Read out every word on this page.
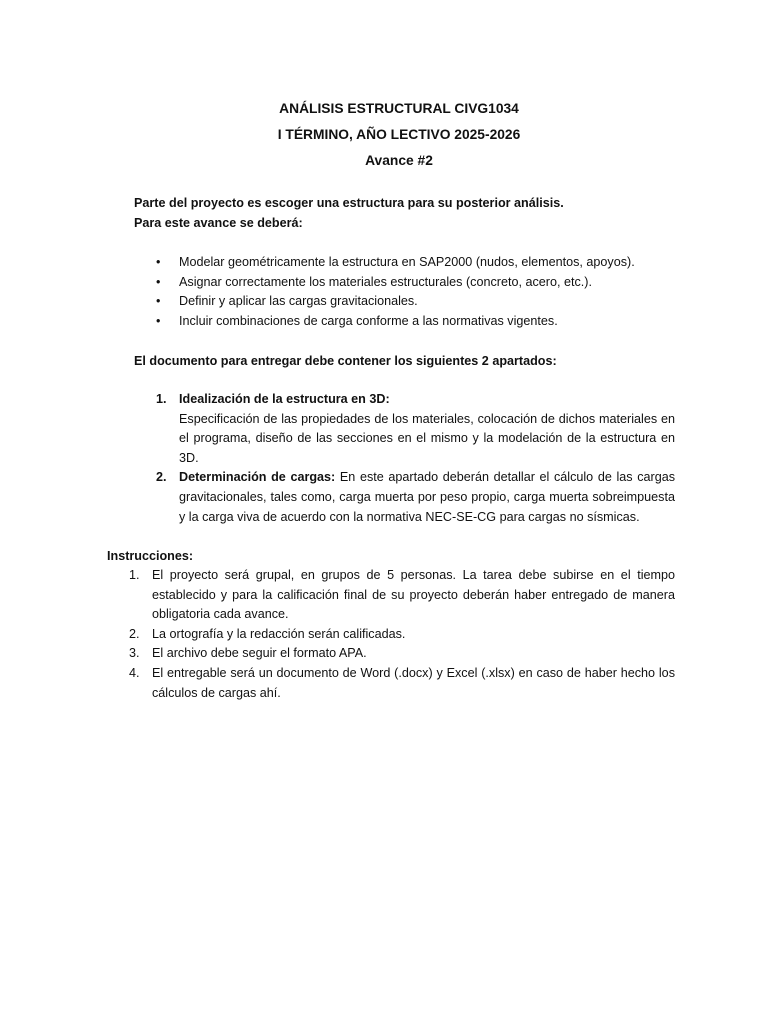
ANÁLISIS ESTRUCTURAL CIVG1034
I TÉRMINO, AÑO LECTIVO 2025-2026
Avance #2
Parte del proyecto es escoger una estructura para su posterior análisis.
Para este avance se deberá:
• Modelar geométricamente la estructura en SAP2000 (nudos, elementos, apoyos).
• Asignar correctamente los materiales estructurales (concreto, acero, etc.).
• Definir y aplicar las cargas gravitacionales.
• Incluir combinaciones de carga conforme a las normativas vigentes.
El documento para entregar debe contener los siguientes 2 apartados:
1. Idealización de la estructura en 3D:
Especificación de las propiedades de los materiales, colocación de dichos materiales en el programa, diseño de las secciones en el mismo y la modelación de la estructura en 3D.
2. Determinación de cargas: En este apartado deberán detallar el cálculo de las cargas gravitacionales, tales como, carga muerta por peso propio, carga muerta sobreimpuesta y la carga viva de acuerdo con la normativa NEC-SE-CG para cargas no sísmicas.
Instrucciones:
1. El proyecto será grupal, en grupos de 5 personas. La tarea debe subirse en el tiempo establecido y para la calificación final de su proyecto deberán haber entregado de manera obligatoria cada avance.
2. La ortografía y la redacción serán calificadas.
3. El archivo debe seguir el formato APA.
4. El entregable será un documento de Word (.docx) y Excel (.xlsx) en caso de haber hecho los cálculos de cargas ahí.
